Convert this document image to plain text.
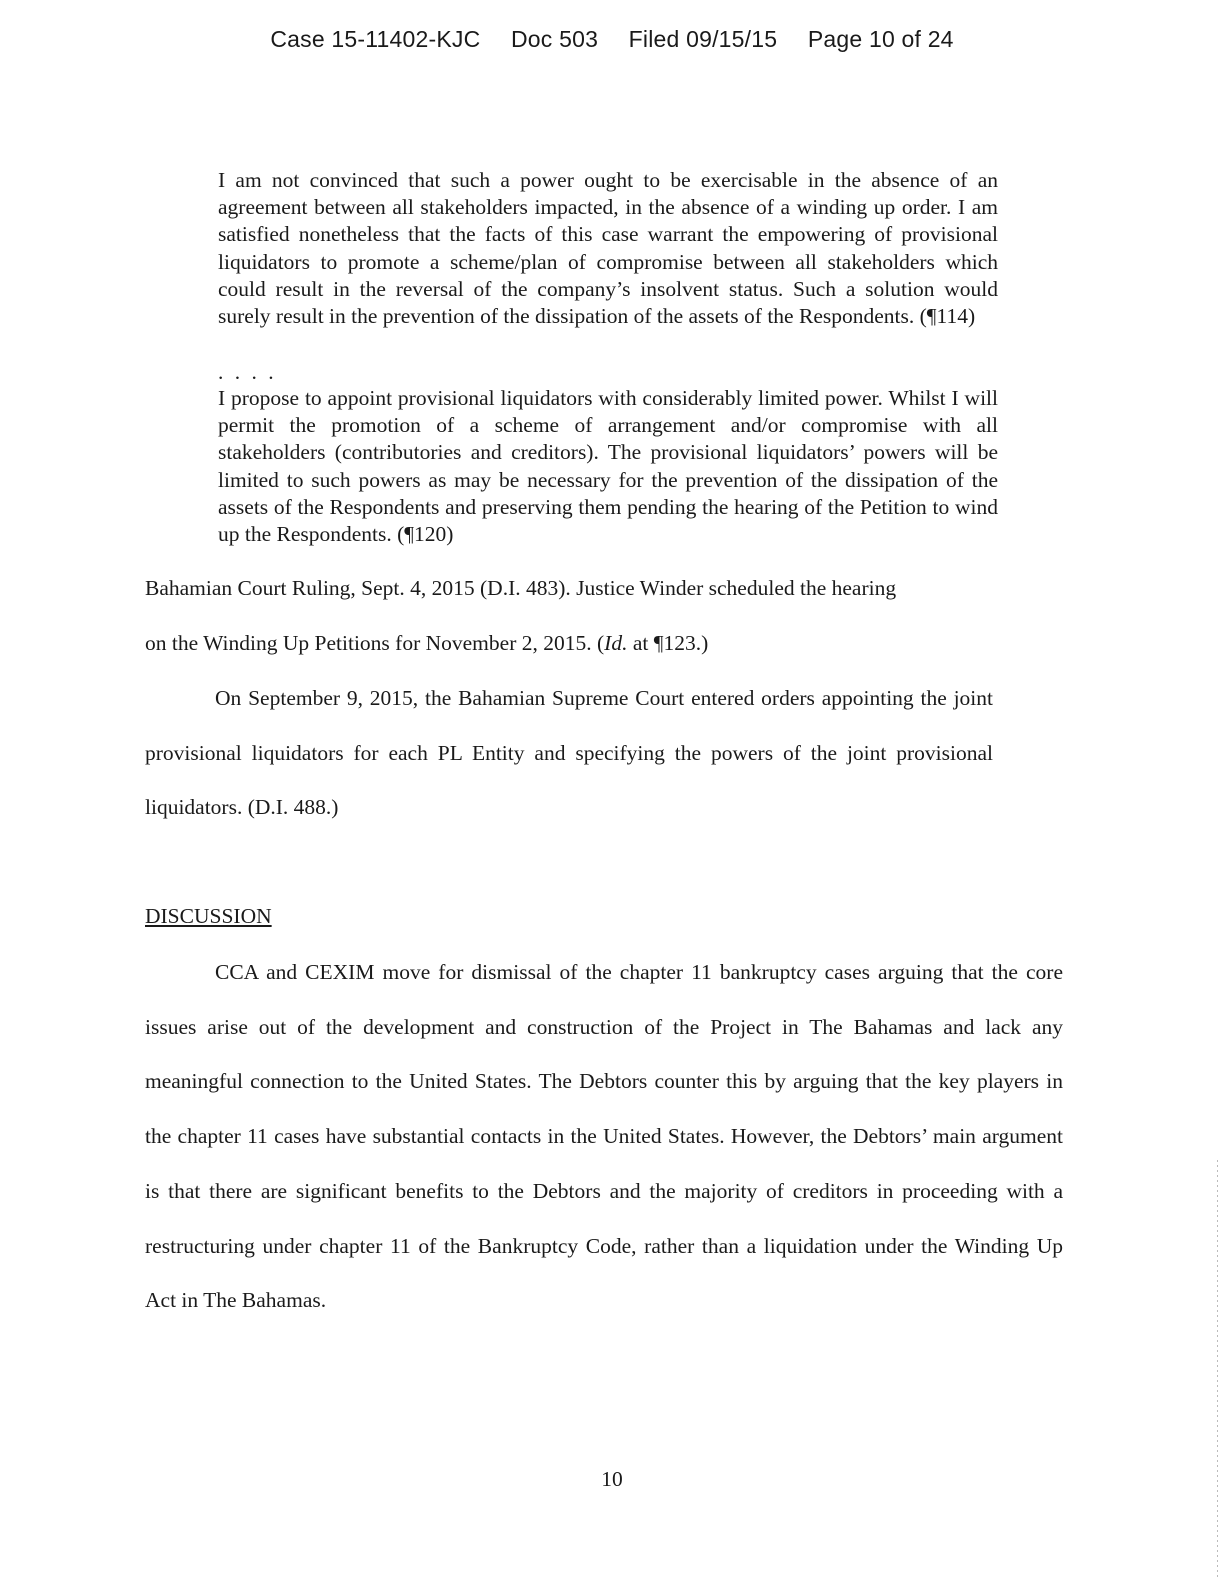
Case 15-11402-KJC Doc 503 Filed 09/15/15 Page 10 of 24

I am not convinced that such a power ought to be exercisable in the absence of an agreement between all stakeholders impacted, in the absence of a winding up order. I am satisfied nonetheless that the facts of this case warrant the empowering of provisional liquidators to promote a scheme/plan of compromise between all stakeholders which could result in the reversal of the company’s insolvent status. Such a solution would surely result in the prevention of the dissipation of the assets of the Respondents. (¶114)

. . . .

I propose to appoint provisional liquidators with considerably limited power. Whilst I will permit the promotion of a scheme of arrangement and/or compromise with all stakeholders (contributories and creditors). The provisional liquidators’ powers will be limited to such powers as may be necessary for the prevention of the dissipation of the assets of the Respondents and preserving them pending the hearing of the Petition to wind up the Respondents. (¶120)

Bahamian Court Ruling, Sept. 4, 2015 (D.I. 483). Justice Winder scheduled the hearing
on the Winding Up Petitions for November 2, 2015. (Id. at ¶123.)

On September 9, 2015, the Bahamian Supreme Court entered orders appointing the joint provisional liquidators for each PL Entity and specifying the powers of the joint provisional liquidators. (D.I. 488.)

DISCUSSION

CCA and CEXIM move for dismissal of the chapter 11 bankruptcy cases arguing that the core issues arise out of the development and construction of the Project in The Bahamas and lack any meaningful connection to the United States. The Debtors counter this by arguing that the key players in the chapter 11 cases have substantial contacts in the United States. However, the Debtors’ main argument is that there are significant benefits to the Debtors and the majority of creditors in proceeding with a restructuring under chapter 11 of the Bankruptcy Code, rather than a liquidation under the Winding Up Act in The Bahamas.

10
